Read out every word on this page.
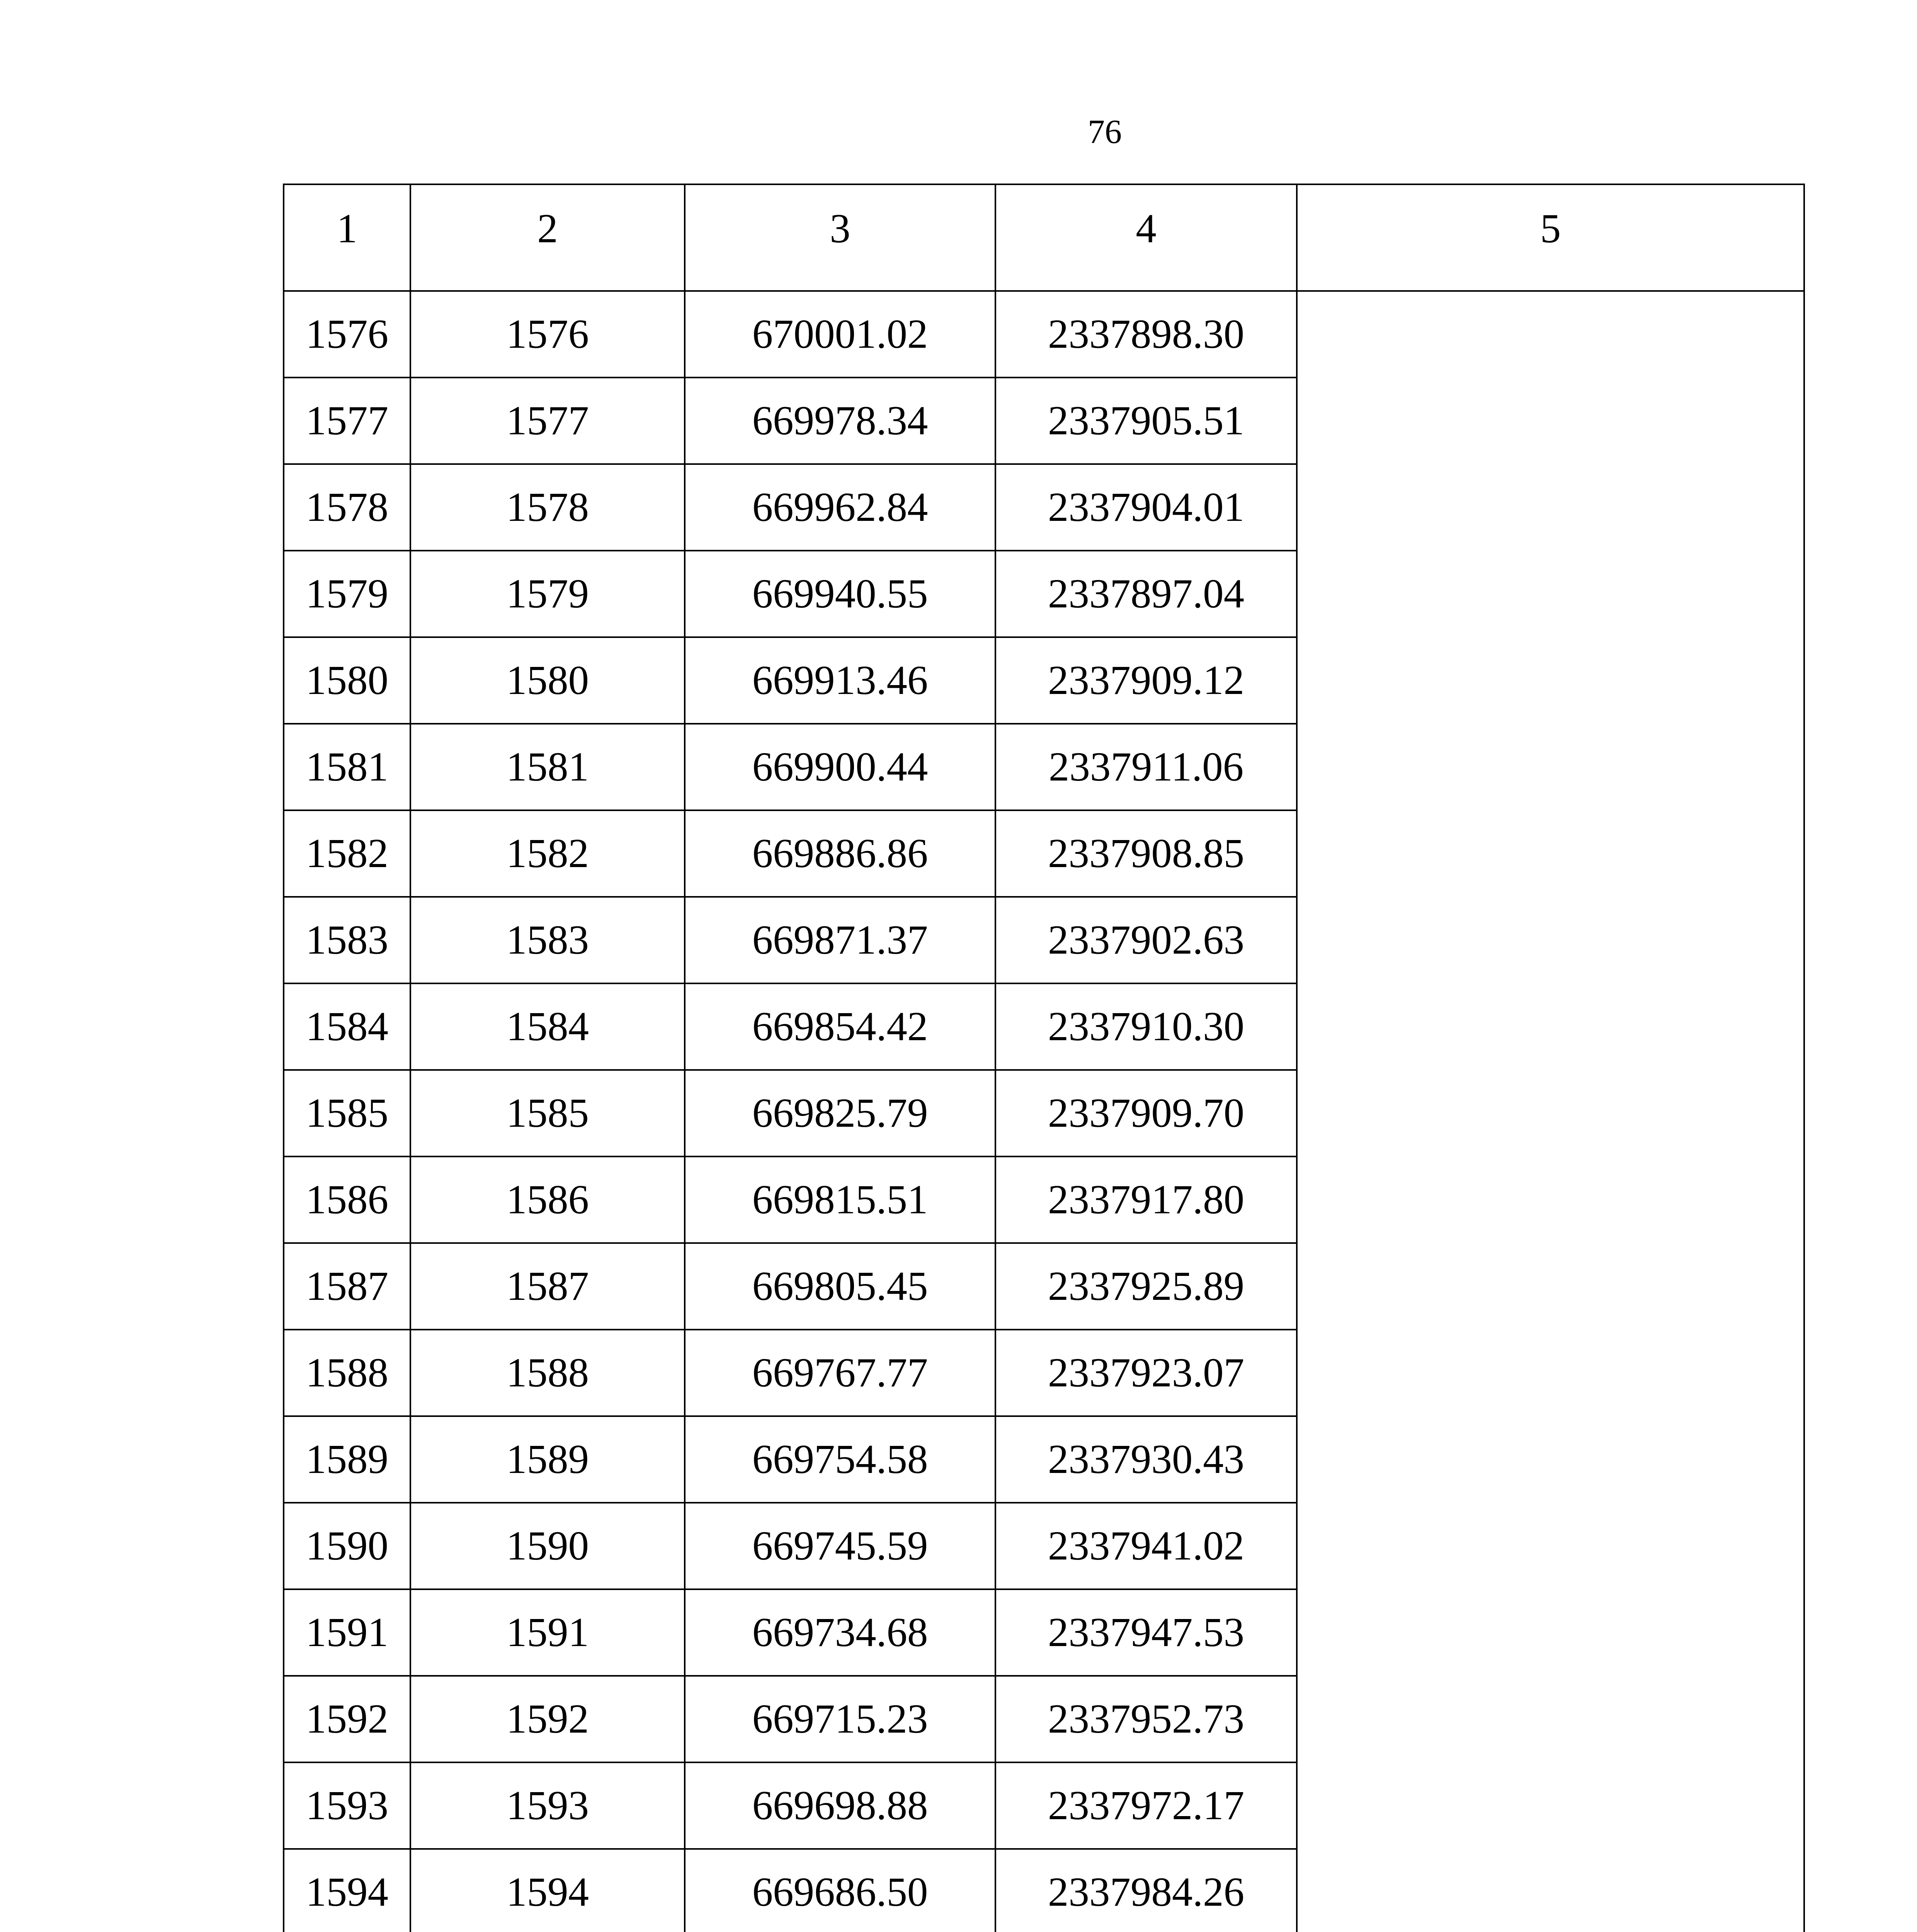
76
1	2	3	4	5
1576	1576	670001.02	2337898.30	
1577	1577	669978.34	2337905.51	
1578	1578	669962.84	2337904.01	
1579	1579	669940.55	2337897.04	
1580	1580	669913.46	2337909.12	
1581	1581	669900.44	2337911.06	
1582	1582	669886.86	2337908.85	
1583	1583	669871.37	2337902.63	
1584	1584	669854.42	2337910.30	
1585	1585	669825.79	2337909.70	
1586	1586	669815.51	2337917.80	
1587	1587	669805.45	2337925.89	
1588	1588	669767.77	2337923.07	
1589	1589	669754.58	2337930.43	
1590	1590	669745.59	2337941.02	
1591	1591	669734.68	2337947.53	
1592	1592	669715.23	2337952.73	
1593	1593	669698.88	2337972.17	
1594	1594	669686.50	2337984.26	
